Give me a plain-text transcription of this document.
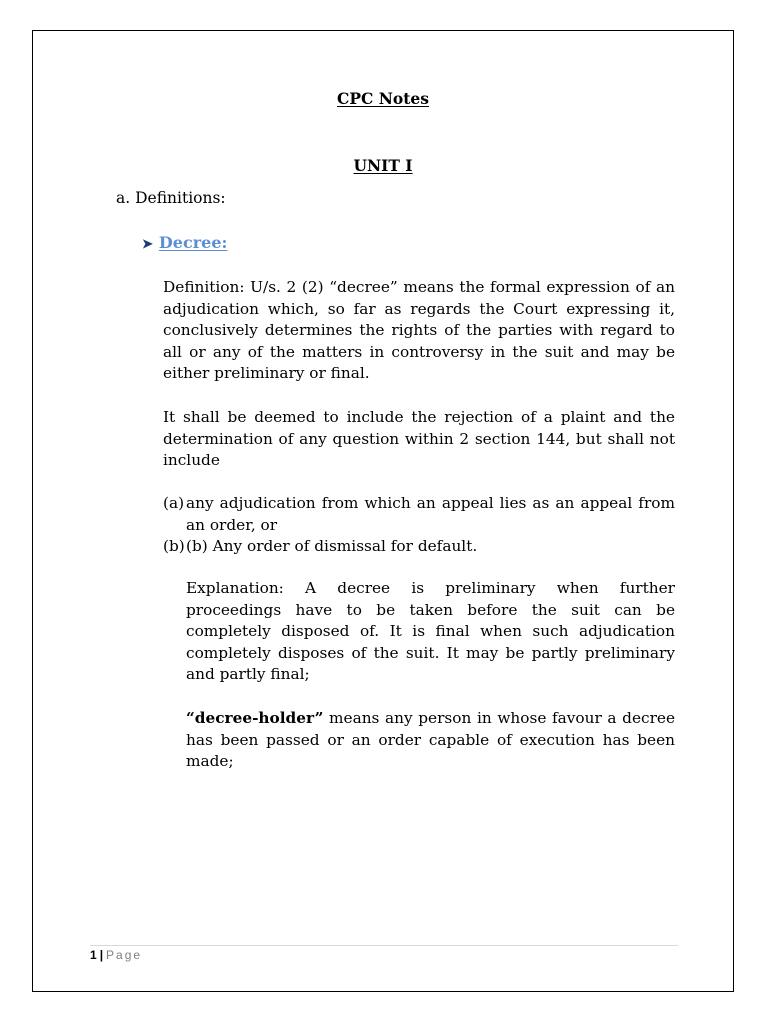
CPC Notes
UNIT I
a. Definitions:
➤ Decree:

Definition: U/s. 2 (2) “decree” means the formal expression of an adjudication which, so far as regards the Court expressing it, conclusively determines the rights of the parties with regard to all or any of the matters in controversy in the suit and may be either preliminary or final.

It shall be deemed to include the rejection of a plaint and the determination of any question within 2 section 144, but shall not include

(a) any adjudication from which an appeal lies as an appeal from an order, or
(b) (b) Any order of dismissal for default.

Explanation: A decree is preliminary when further proceedings have to be taken before the suit can be completely disposed of. It is final when such adjudication completely disposes of the suit. It may be partly preliminary and partly final;

“decree-holder” means any person in whose favour a decree has been passed or an order capable of execution has been made;

1 | Page
